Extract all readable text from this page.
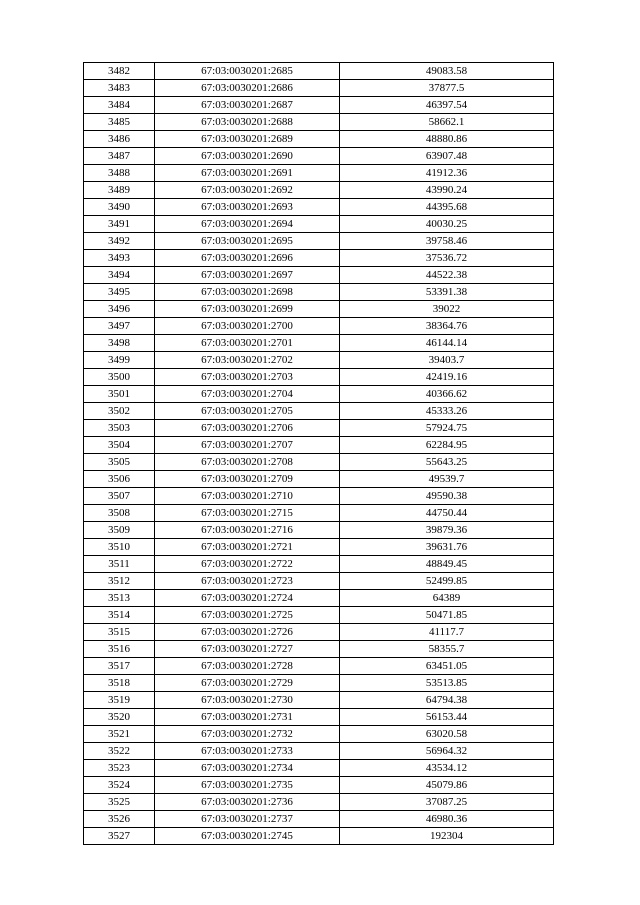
3482	67:03:0030201:2685	49083.58
3483	67:03:0030201:2686	37877.5
3484	67:03:0030201:2687	46397.54
3485	67:03:0030201:2688	58662.1
3486	67:03:0030201:2689	48880.86
3487	67:03:0030201:2690	63907.48
3488	67:03:0030201:2691	41912.36
3489	67:03:0030201:2692	43990.24
3490	67:03:0030201:2693	44395.68
3491	67:03:0030201:2694	40030.25
3492	67:03:0030201:2695	39758.46
3493	67:03:0030201:2696	37536.72
3494	67:03:0030201:2697	44522.38
3495	67:03:0030201:2698	53391.38
3496	67:03:0030201:2699	39022
3497	67:03:0030201:2700	38364.76
3498	67:03:0030201:2701	46144.14
3499	67:03:0030201:2702	39403.7
3500	67:03:0030201:2703	42419.16
3501	67:03:0030201:2704	40366.62
3502	67:03:0030201:2705	45333.26
3503	67:03:0030201:2706	57924.75
3504	67:03:0030201:2707	62284.95
3505	67:03:0030201:2708	55643.25
3506	67:03:0030201:2709	49539.7
3507	67:03:0030201:2710	49590.38
3508	67:03:0030201:2715	44750.44
3509	67:03:0030201:2716	39879.36
3510	67:03:0030201:2721	39631.76
3511	67:03:0030201:2722	48849.45
3512	67:03:0030201:2723	52499.85
3513	67:03:0030201:2724	64389
3514	67:03:0030201:2725	50471.85
3515	67:03:0030201:2726	41117.7
3516	67:03:0030201:2727	58355.7
3517	67:03:0030201:2728	63451.05
3518	67:03:0030201:2729	53513.85
3519	67:03:0030201:2730	64794.38
3520	67:03:0030201:2731	56153.44
3521	67:03:0030201:2732	63020.58
3522	67:03:0030201:2733	56964.32
3523	67:03:0030201:2734	43534.12
3524	67:03:0030201:2735	45079.86
3525	67:03:0030201:2736	37087.25
3526	67:03:0030201:2737	46980.36
3527	67:03:0030201:2745	192304
